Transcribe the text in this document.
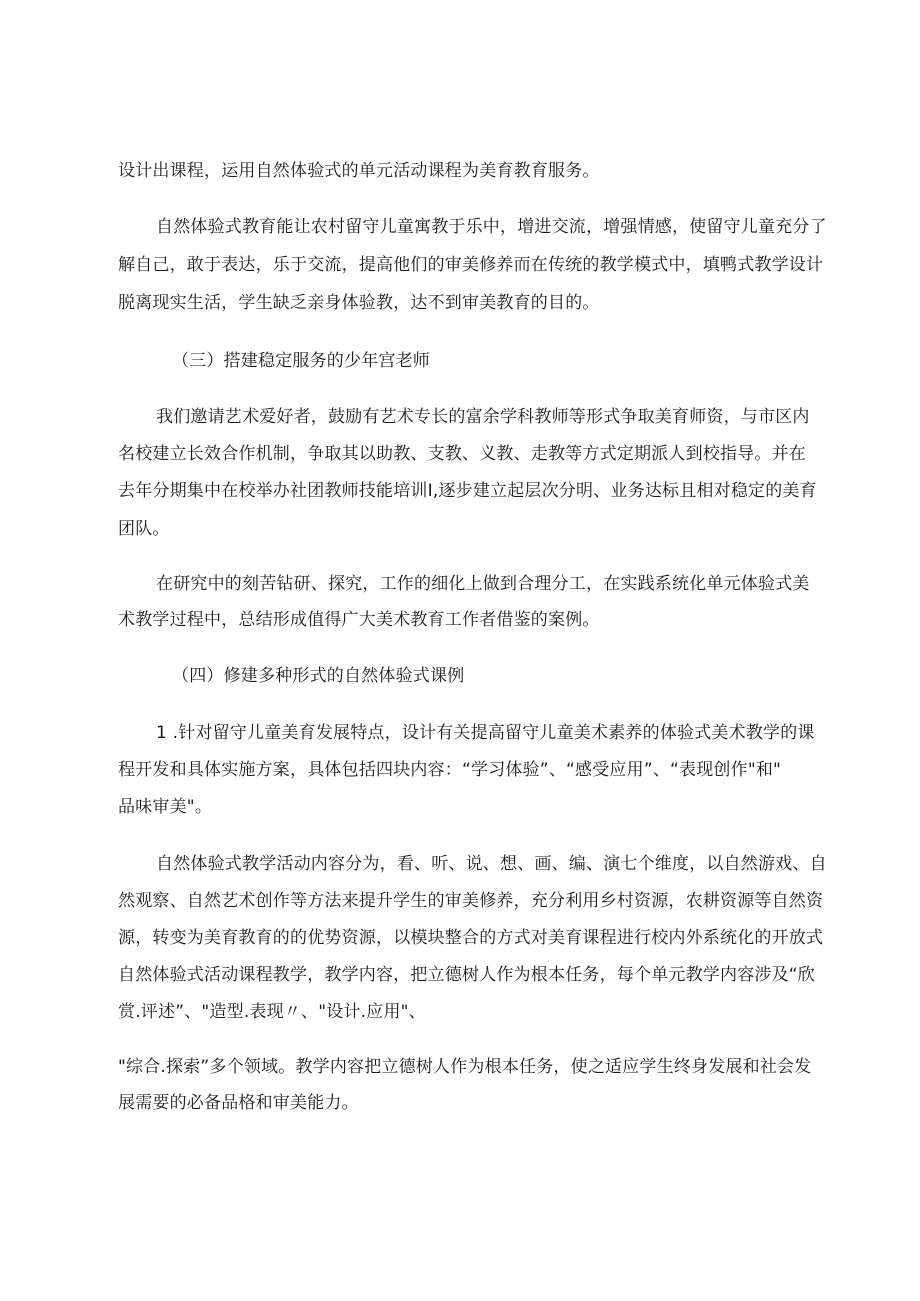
设计出课程，运用自然体验式的单元活动课程为美育教育服务。
自然体验式教育能让农村留守儿童寓教于乐中，增进交流，增强情感，使留守儿童充分了
解自己，敢于表达，乐于交流，提高他们的审美修养而在传统的教学模式中，填鸭式教学设计
脱离现实生活，学生缺乏亲身体验教，达不到审美教育的目的。
（三）搭建稳定服务的少年宫老师
我们邀请艺术爱好者，鼓励有艺术专长的富余学科教师等形式争取美育师资，与市区内
名校建立长效合作机制，争取其以助教、支教、义教、走教等方式定期派人到校指导。并在
去年分期集中在校举办社团教师技能培训I,逐步建立起层次分明、业务达标且相对稳定的美育
团队。
在研究中的刻苦钻研、探究，工作的细化上做到合理分工，在实践系统化单元体验式美
术教学过程中，总结形成值得广大美术教育工作者借鉴的案例。
（四）修建多种形式的自然体验式课例
1 .针对留守儿童美育发展特点，设计有关提高留守儿童美术素养的体验式美术教学的课
程开发和具体实施方案，具体包括四块内容：“学习体验”、“感受应用”、“表现创作"和"
品味审美"。
自然体验式教学活动内容分为，看、听、说、想、画、编、演七个维度，以自然游戏、自
然观察、自然艺术创作等方法来提升学生的审美修养，充分利用乡村资源，农耕资源等自然资
源，转变为美育教育的的优势资源，以模块整合的方式对美育课程进行校内外系统化的开放式
自然体验式活动课程教学，教学内容，把立德树人作为根本任务，每个单元教学内容涉及“欣
赏.评述”、"造型.表现〃、"设计.应用"、
"综合.探索”多个领域。教学内容把立德树人作为根本任务，使之适应学生终身发展和社会发
展需要的必备品格和审美能力。
